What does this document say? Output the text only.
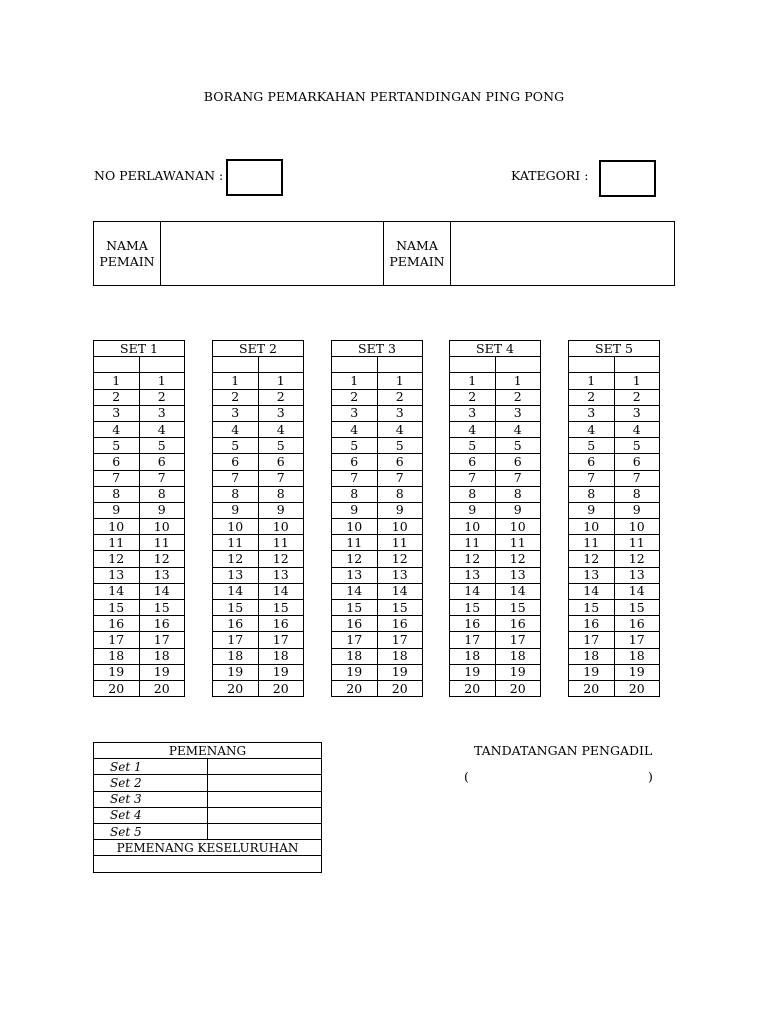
BORANG PEMARKAHAN PERTANDINGAN PING PONG
NO PERLAWANAN :	KATEGORI :
NAMA PEMAIN		NAMA PEMAIN	
SET 1	

1	1
2	2
3	3
4	4
5	5
6	6
7	7
8	8
9	9
10	10
11	11
12	12
13	13
14	14
15	15
16	16
17	17
18	18
19	19
20	20
SET 2	

1	1
2	2
3	3
4	4
5	5
6	6
7	7
8	8
9	9
10	10
11	11
12	12
13	13
14	14
15	15
16	16
17	17
18	18
19	19
20	20
SET 3	

1	1
2	2
3	3
4	4
5	5
6	6
7	7
8	8
9	9
10	10
11	11
12	12
13	13
14	14
15	15
16	16
17	17
18	18
19	19
20	20
SET 4	

1	1
2	2
3	3
4	4
5	5
6	6
7	7
8	8
9	9
10	10
11	11
12	12
13	13
14	14
15	15
16	16
17	17
18	18
19	19
20	20
SET 5	

1	1
2	2
3	3
4	4
5	5
6	6
7	7
8	8
9	9
10	10
11	11
12	12
13	13
14	14
15	15
16	16
17	17
18	18
19	19
20	20
PEMENANG	
Set 1	
Set 2	
Set 3	
Set 4	
Set 5	
PEMENANG KESELURUHAN	

TANDATANGAN PENGADIL
(	)
